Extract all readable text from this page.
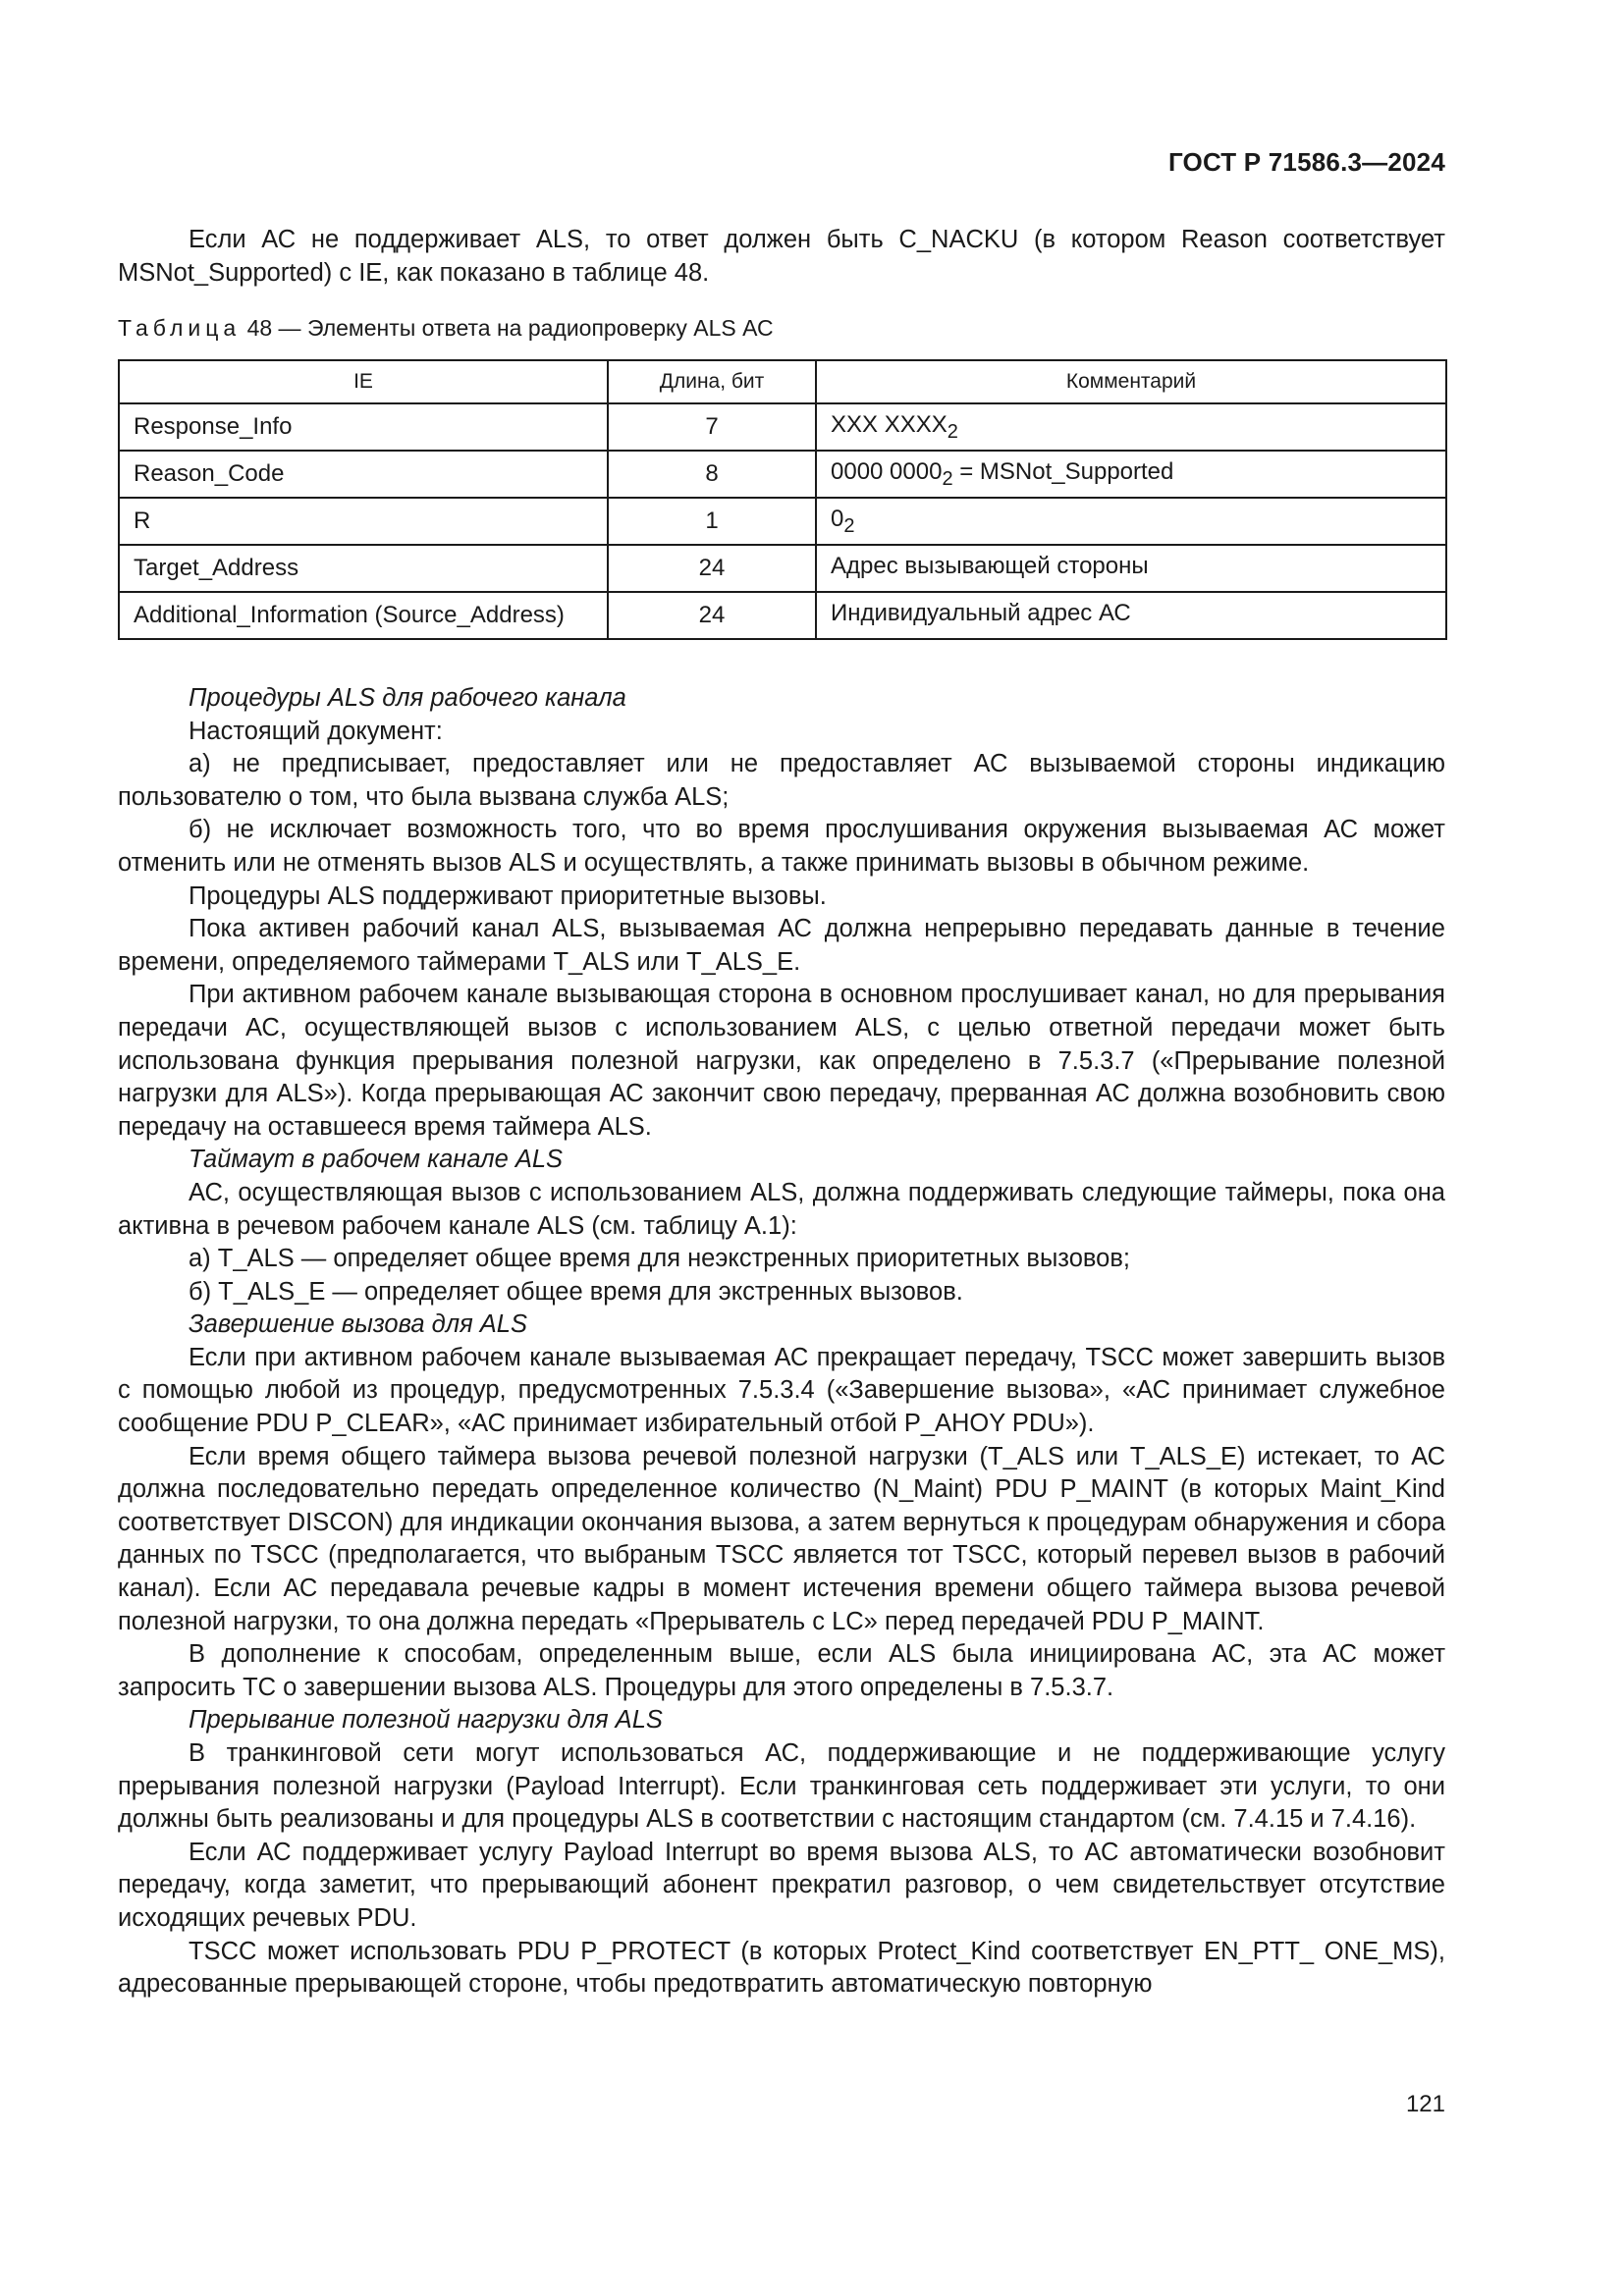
ГОСТ Р 71586.3—2024

Если АС не поддерживает ALS, то ответ должен быть C_NACKU (в котором Reason соответствует MSNot_Supported) с IE, как показано в таблице 48.

Таблица 48 — Элементы ответа на радиопроверку ALS АС
IE	Длина, бит	Комментарий
Response_Info	7	XXX $XXXX_2$
Reason_Code	8	0000 $0000_2$ = MSNot_Supported
R	1	$0_2$
Target_Address	24	Адрес вызывающей стороны
Additional_Information (Source_Address)	24	Индивидуальный адрес АС

Процедуры ALS для рабочего канала

Настоящий документ:

а) не предписывает, предоставляет или не предоставляет АС вызываемой стороны индикацию пользователю о том, что была вызвана служба ALS;

б) не исключает возможность того, что во время прослушивания окружения вызываемая АС может отменить или не отменять вызов ALS и осуществлять, а также принимать вызовы в обычном режиме.

Процедуры ALS поддерживают приоритетные вызовы.

Пока активен рабочий канал ALS, вызываемая АС должна непрерывно передавать данные в течение времени, определяемого таймерами T_ALS или T_ALS_E.

При активном рабочем канале вызывающая сторона в основном прослушивает канал, но для прерывания передачи АС, осуществляющей вызов с использованием ALS, с целью ответной передачи может быть использована функция прерывания полезной нагрузки, как определено в 7.5.3.7 («Прерывание полезной нагрузки для ALS»). Когда прерывающая АС закончит свою передачу, прерванная АС должна возобновить свою передачу на оставшееся время таймера ALS.

Таймаут в рабочем канале ALS

АС, осуществляющая вызов с использованием ALS, должна поддерживать следующие таймеры, пока она активна в речевом рабочем канале ALS (см. таблицу А.1):

а) T_ALS — определяет общее время для неэкстренных приоритетных вызовов;

б) T_ALS_E — определяет общее время для экстренных вызовов.

Завершение вызова для ALS

Если при активном рабочем канале вызываемая АС прекращает передачу, TSCC может завершить вызов с помощью любой из процедур, предусмотренных 7.5.3.4 («Завершение вызова», «АС принимает служебное сообщение PDU P_CLEAR», «АС принимает избирательный отбой P_AHOY PDU»).

Если время общего таймера вызова речевой полезной нагрузки (T_ALS или T_ALS_E) истекает, то АС должна последовательно передать определенное количество (N_Maint) PDU P_MAINT (в которых Maint_Kind соответствует DISCON) для индикации окончания вызова, а затем вернуться к процедурам обнаружения и сбора данных по TSCC (предполагается, что выбраным TSCC является тот TSCC, который перевел вызов в рабочий канал). Если АС передавала речевые кадры в момент истечения времени общего таймера вызова речевой полезной нагрузки, то она должна передать «Прерыватель с LC» перед передачей PDU P_MAINT.

В дополнение к способам, определенным выше, если ALS была инициирована АС, эта АС может запросить ТС о завершении вызова ALS. Процедуры для этого определены в 7.5.3.7.

Прерывание полезной нагрузки для ALS

В транкинговой сети могут использоваться АС, поддерживающие и не поддерживающие услугу прерывания полезной нагрузки (Payload Interrupt). Если транкинговая сеть поддерживает эти услуги, то они должны быть реализованы и для процедуры ALS в соответствии с настоящим стандартом (см. 7.4.15 и 7.4.16).

Если АС поддерживает услугу Payload Interrupt во время вызова ALS, то АС автоматически возобновит передачу, когда заметит, что прерывающий абонент прекратил разговор, о чем свидетельствует отсутствие исходящих речевых PDU.

TSCC может использовать PDU P_PROTECT (в которых Protect_Kind соответствует EN_PTT_ ONE_MS), адресованные прерывающей стороне, чтобы предотвратить автоматическую повторную

121
